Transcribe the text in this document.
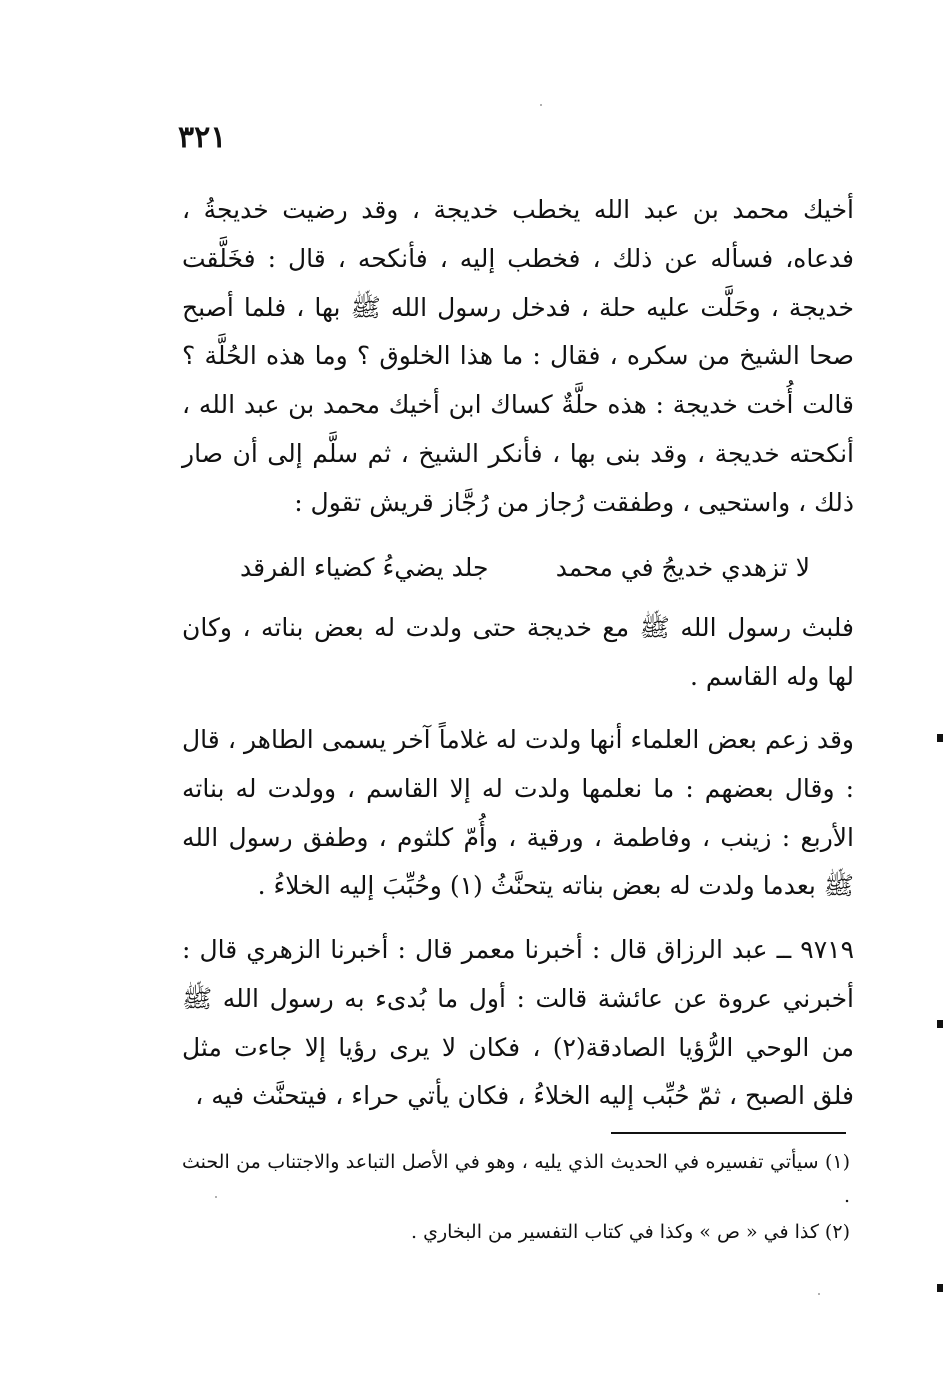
٣٢١

أخيك محمد بن عبد الله يخطب خديجة ، وقد رضيت خديجةُ ، فدعاه، فسأله عن ذلك ، فخطب إليه ، فأنكحه ، قال : فخَلَّقت خديجة ، وحَلَّت عليه حلة ، فدخل رسول الله ﷺ بها ، فلما أصبح صحا الشيخ من سكره ، فقال : ما هذا الخلوق ؟ وما هذه الحُلَّة ؟ قالت أُخت خديجة : هذه حلَّةٌ كساك ابن أخيك محمد بن عبد الله ، أنكحته خديجة ، وقد بنى بها ، فأنكر الشيخ ، ثم سلَّم إلى أن صار ذلك ، واستحيى ، وطفقت رُجاز من رُجَّاز قريش تقول :

لا تزهدي خديجُ في محمد
جلد يضيءُ كضياء الفرقد

فلبث رسول الله ﷺ مع خديجة حتى ولدت له بعض بناته ، وكان لها وله القاسم .

وقد زعم بعض العلماء أنها ولدت له غلاماً آخر يسمى الطاهر ، قال : وقال بعضهم : ما نعلمها ولدت له إلا القاسم ، وولدت له بناته الأربع : زينب ، وفاطمة ، ورقية ، وأُمّ كلثوم ، وطفق رسول الله ﷺ بعدما ولدت له بعض بناته يتحنَّثُ (١) وحُبِّبَ إليه الخلاءُ .

٩٧١٩ ــ عبد الرزاق قال : أخبرنا معمر قال : أخبرنا الزهري قال : أخبرني عروة عن عائشة قالت : أول ما بُدىء به رسول الله ﷺ من الوحي الرُّؤيا الصادقة(٢) ، فكان لا يرى رؤيا إلا جاءت مثل فلق الصبح ، ثمّ حُبِّب إليه الخلاءُ ، فكان يأتي حراء ، فيتحنَّث فيه ،

(١) سيأتي تفسيره في الحديث الذي يليه ، وهو في الأصل التباعد والاجتناب من الحنث .

(٢) كذا في « ص » وكذا في كتاب التفسير من البخاري .
